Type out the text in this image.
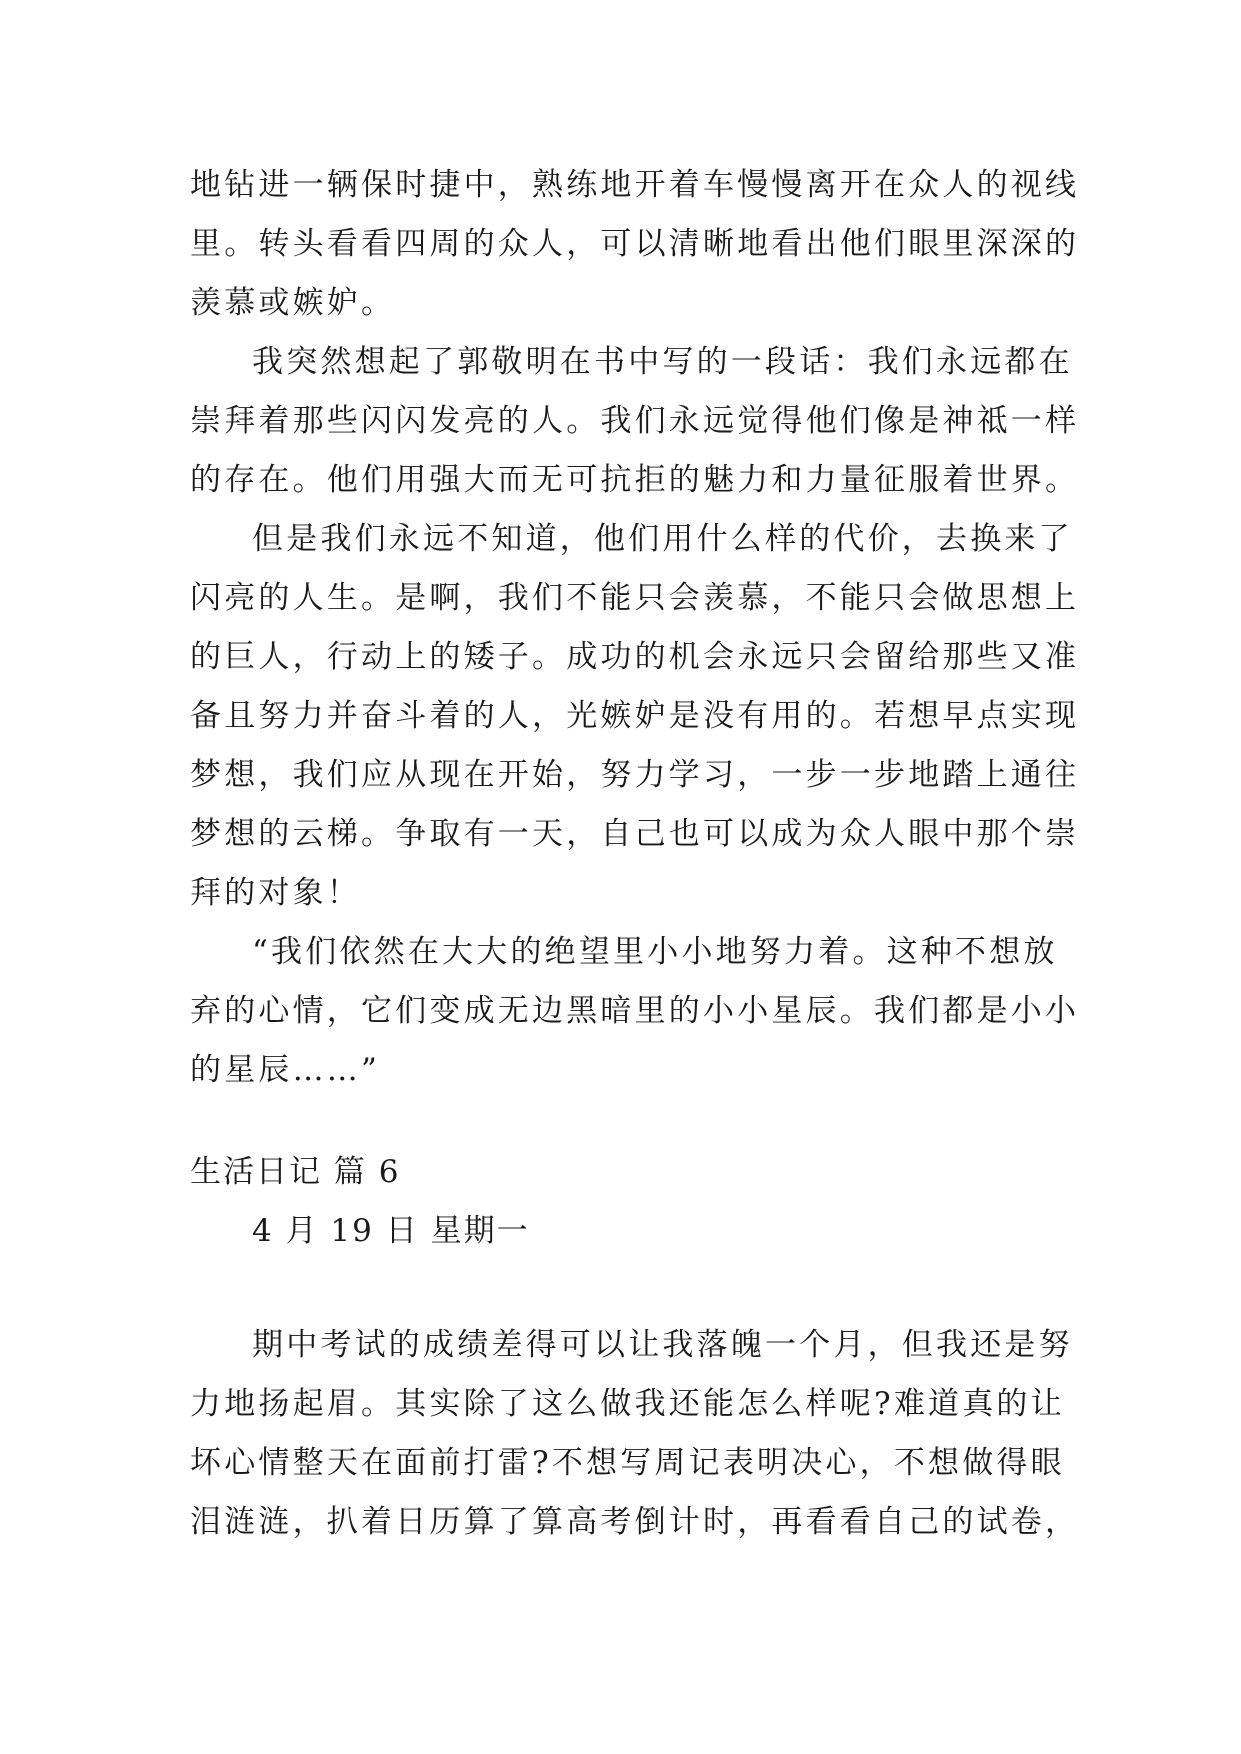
地钻进一辆保时捷中，熟练地开着车慢慢离开在众人的视线
里。转头看看四周的众人，可以清晰地看出他们眼里深深的
羡慕或嫉妒。
我突然想起了郭敬明在书中写的一段话：我们永远都在
崇拜着那些闪闪发亮的人。我们永远觉得他们像是神祗一样
的存在。他们用强大而无可抗拒的魅力和力量征服着世界。
但是我们永远不知道，他们用什么样的代价，去换来了
闪亮的人生。是啊，我们不能只会羡慕，不能只会做思想上
的巨人，行动上的矮子。成功的机会永远只会留给那些又准
备且努力并奋斗着的人，光嫉妒是没有用的。若想早点实现
梦想，我们应从现在开始，努力学习，一步一步地踏上通往
梦想的云梯。争取有一天，自己也可以成为众人眼中那个崇
拜的对象！
“我们依然在大大的绝望里小小地努力着。这种不想放
弃的心情，它们变成无边黑暗里的小小星辰。我们都是小小
的星辰……”
生活日记 篇 6
4 月 19 日 星期一
期中考试的成绩差得可以让我落魄一个月，但我还是努
力地扬起眉。其实除了这么做我还能怎么样呢?难道真的让
坏心情整天在面前打雷?不想写周记表明决心，不想做得眼
泪涟涟，扒着日历算了算高考倒计时，再看看自己的试卷，
